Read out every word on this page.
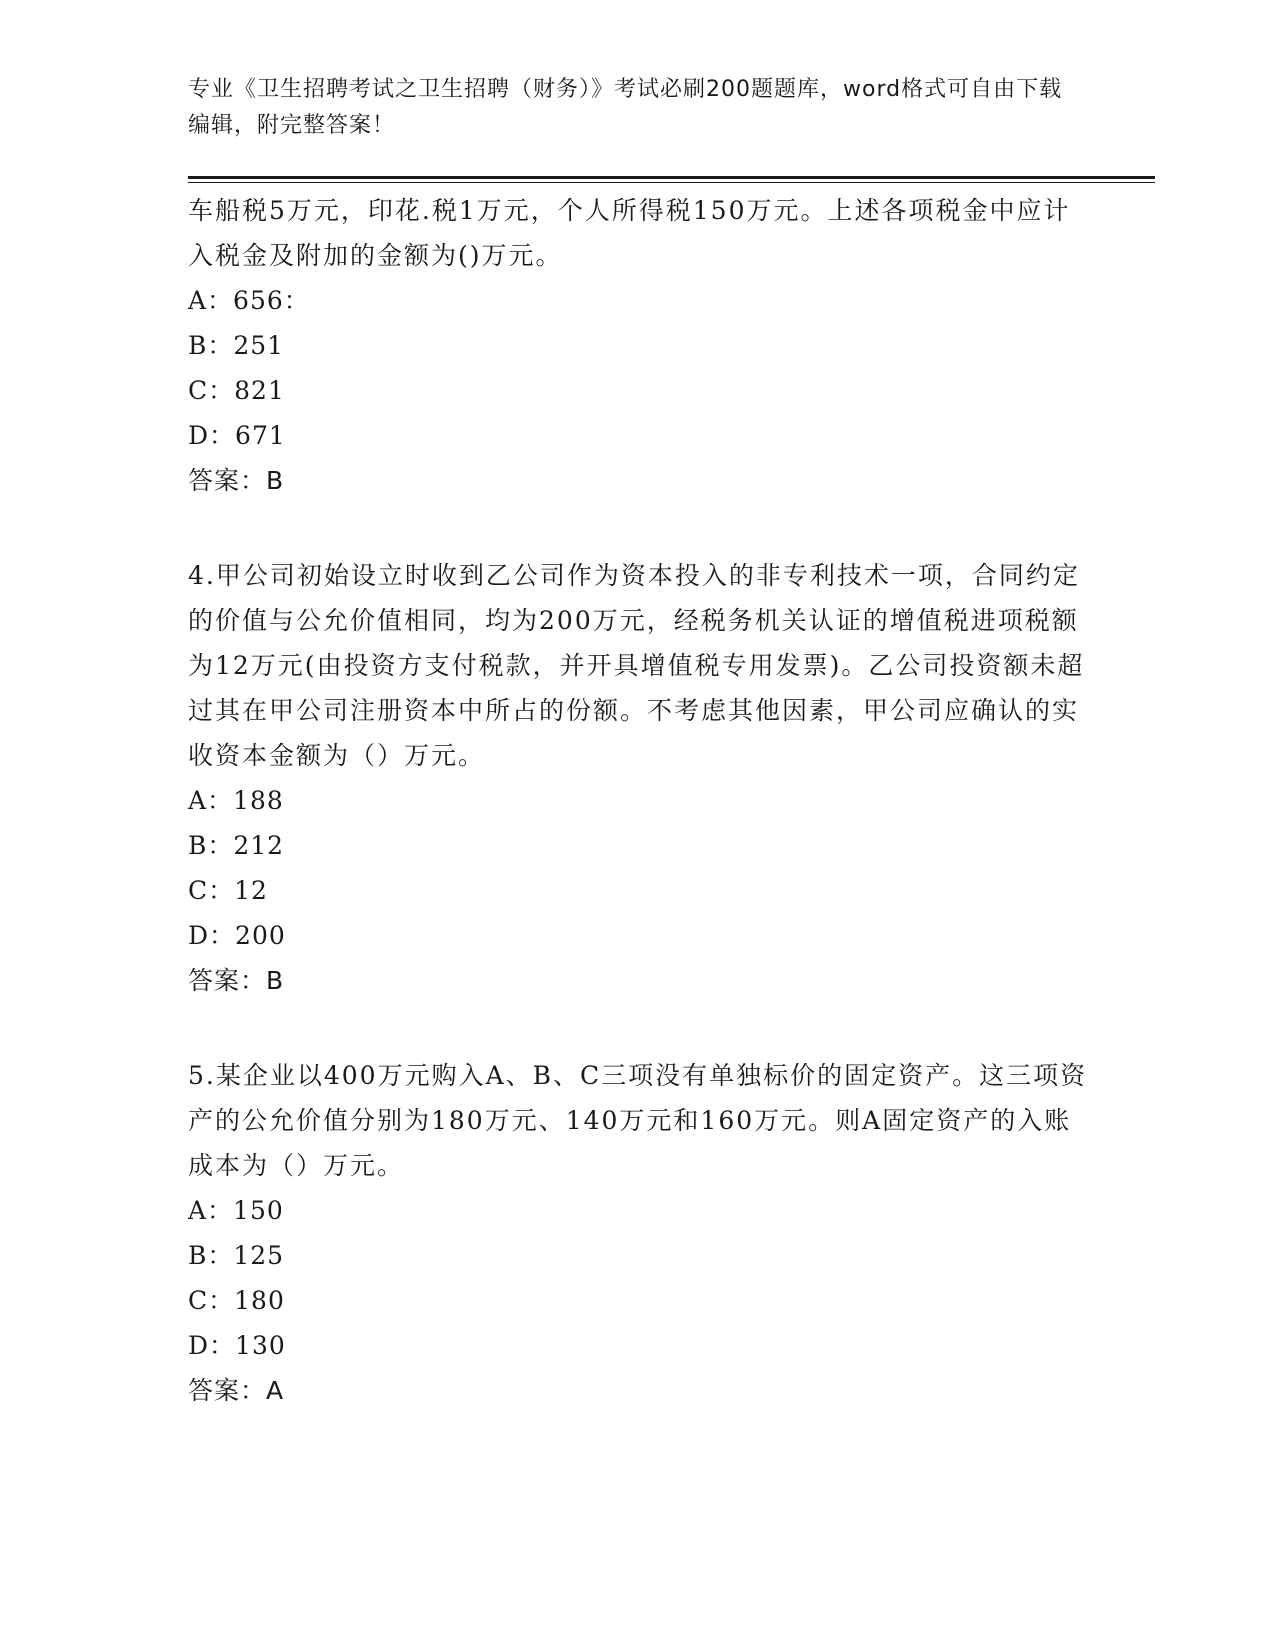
专业《卫生招聘考试之卫生招聘（财务）》考试必刷200题题库，word格式可自由下载编辑，附完整答案！

车船税5万元，印花.税1万元，个人所得税150万元。上述各项税金中应计入税金及附加的金额为()万元。

A：656：

B：251

C：821

D：671

答案：B

4.甲公司初始设立时收到乙公司作为资本投入的非专利技术一项，合同约定的价值与公允价值相同，均为200万元，经税务机关认证的增值税进项税额为12万元(由投资方支付税款，并开具增值税专用发票)。乙公司投资额未超过其在甲公司注册资本中所占的份额。不考虑其他因素，甲公司应确认的实收资本金额为（）万元。

A：188

B：212

C：12

D：200

答案：B

5.某企业以400万元购入A、B、C三项没有单独标价的固定资产。这三项资产的公允价值分别为180万元、140万元和160万元。则A固定资产的入账成本为（）万元。

A：150

B：125

C：180

D：130

答案：A
